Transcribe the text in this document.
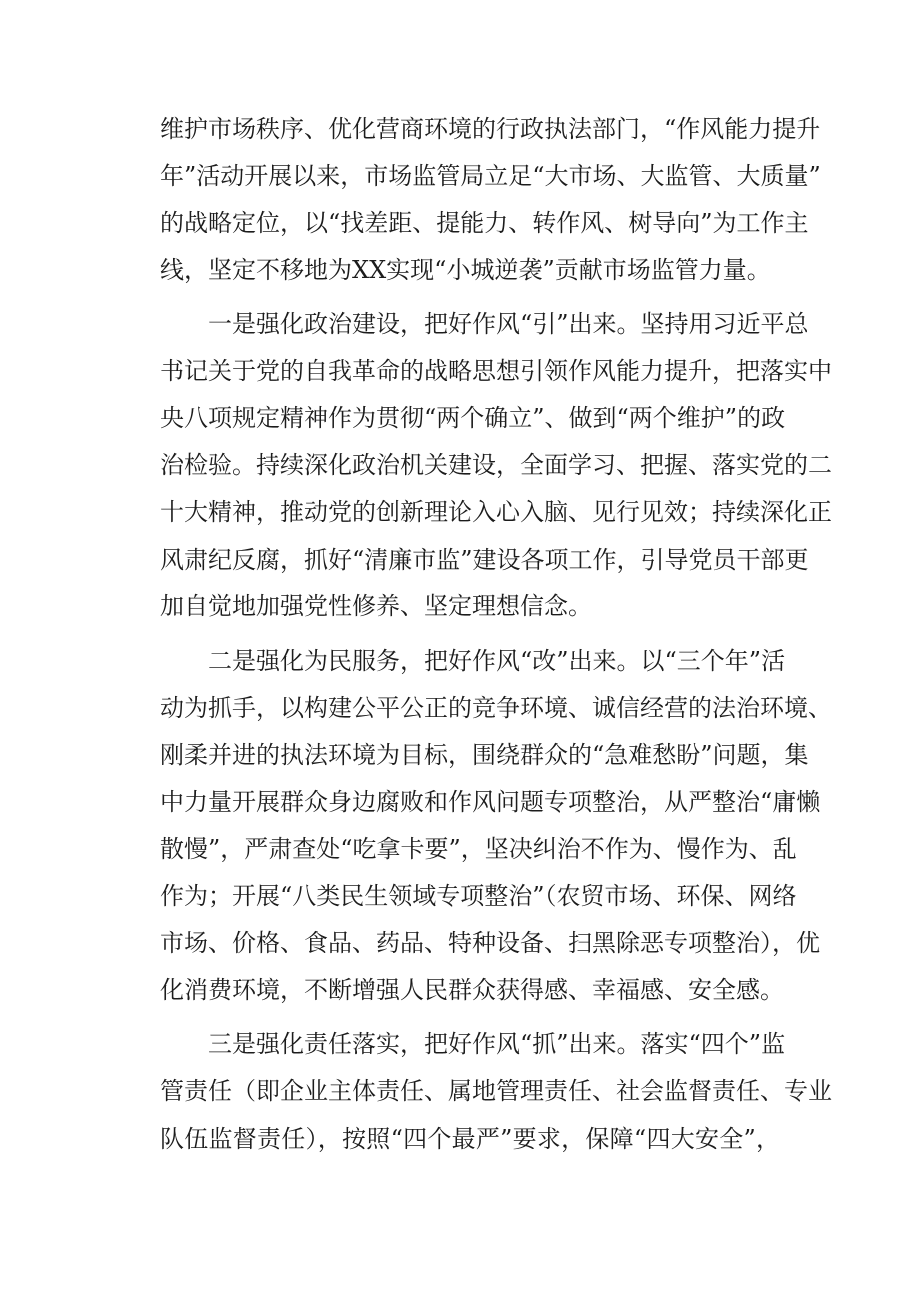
维护市场秩序、优化营商环境的行政执法部门，“作风能力提升
年”活动开展以来，市场监管局立足“大市场、大监管、大质量”
的战略定位，以“找差距、提能力、转作风、树导向”为工作主
线，坚定不移地为XX实现“小城逆袭”贡献市场监管力量。
一是强化政治建设，把好作风“引”出来。坚持用习近平总
书记关于党的自我革命的战略思想引领作风能力提升，把落实中
央八项规定精神作为贯彻“两个确立”、做到“两个维护”的政
治检验。持续深化政治机关建设，全面学习、把握、落实党的二
十大精神，推动党的创新理论入心入脑、见行见效；持续深化正
风肃纪反腐，抓好“清廉市监”建设各项工作，引导党员干部更
加自觉地加强党性修养、坚定理想信念。
二是强化为民服务，把好作风“改”出来。以“三个年”活
动为抓手，以构建公平公正的竞争环境、诚信经营的法治环境、
刚柔并进的执法环境为目标，围绕群众的“急难愁盼”问题，集
中力量开展群众身边腐败和作风问题专项整治，从严整治“庸懒
散慢”，严肃查处“吃拿卡要”，坚决纠治不作为、慢作为、乱
作为；开展“八类民生领域专项整治”（农贸市场、环保、网络
市场、价格、食品、药品、特种设备、扫黑除恶专项整治），优
化消费环境，不断增强人民群众获得感、幸福感、安全感。
三是强化责任落实，把好作风“抓”出来。落实“四个”监
管责任（即企业主体责任、属地管理责任、社会监督责任、专业
队伍监督责任），按照“四个最严”要求，保障“四大安全”，
